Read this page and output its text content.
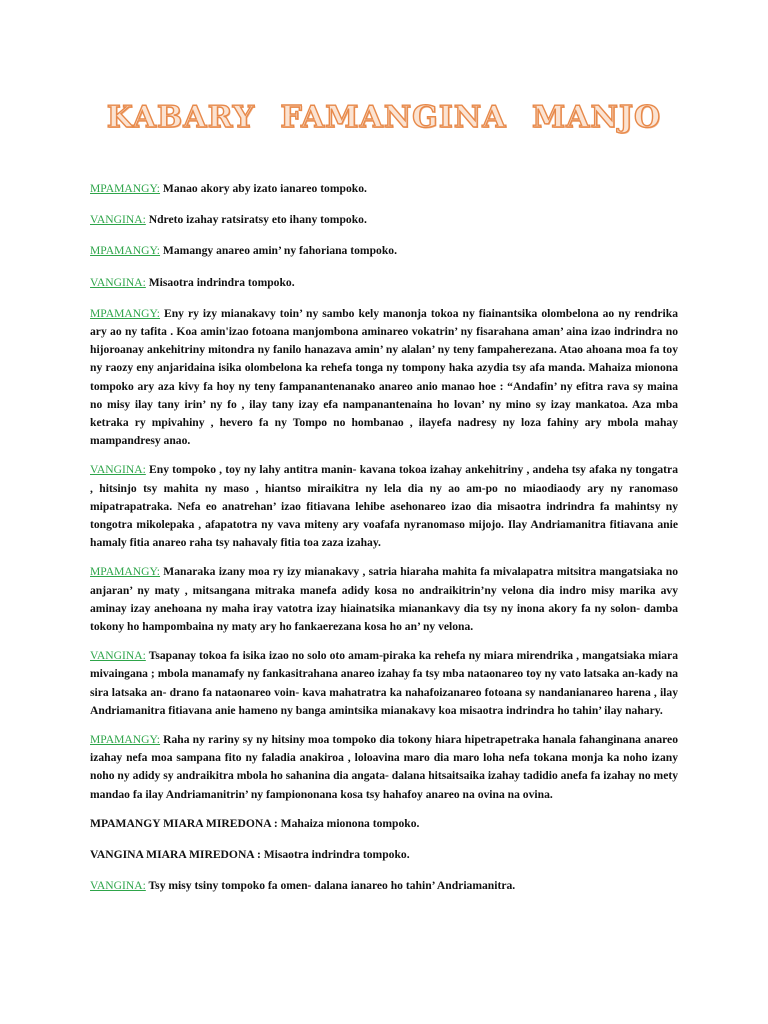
KABARY FAMANGINA MANJO

MPAMANGY: Manao akory aby izato ianareo tompoko.

VANGINA: Ndreto izahay ratsiratsy eto ihany tompoko.

MPAMANGY: Mamangy anareo amin’ ny fahoriana tompoko.

VANGINA: Misaotra indrindra tompoko.

MPAMANGY: Eny ry izy mianakavy toin’ ny sambo kely manonja tokoa ny fiainantsika olombelona ao ny rendrika ary ao ny tafita . Koa amin'izao fotoana manjombona aminareo vokatrin’ ny fisarahana aman’ aina izao indrindra no hijoroanay ankehitriny mitondra ny fanilo hanazava amin’ ny alalan’ ny teny fampaherezana. Atao ahoana moa fa toy ny raozy eny anjaridaina isika olombelona ka rehefa tonga ny tompony haka azydia tsy afa manda. Mahaiza mionona tompoko ary aza kivy fa hoy ny teny fampanantenanako anareo anio manao hoe : “Andafin’ ny efitra rava sy maina no misy ilay tany irin’ ny fo , ilay tany izay efa nampanantenaina ho lovan’ ny mino sy izay mankatoa. Aza mba ketraka ry mpivahiny , hevero fa ny Tompo no hombanao , ilayefa nadresy ny loza fahiny ary mbola mahay mampandresy anao.

VANGINA: Eny tompoko , toy ny lahy antitra manin- kavana tokoa izahay ankehitriny , andeha tsy afaka ny tongatra , hitsinjo tsy mahita ny maso , hiantso miraikitra ny lela dia ny ao am-po no miaodiaody ary ny ranomaso mipatrapatraka. Nefa eo anatrehan’ izao fitiavana lehibe asehonareo izao dia misaotra indrindra fa mahintsy ny tongotra mikolepaka , afapatotra ny vava miteny ary voafafa nyranomaso mijojo. Ilay Andriamanitra fitiavana anie hamaly fitia anareo raha tsy nahavaly fitia toa zaza izahay.

MPAMANGY: Manaraka izany moa ry izy mianakavy , satria hiaraha mahita fa mivalapatra mitsitra mangatsiaka no anjaran’ ny maty , mitsangana mitraka manefa adidy kosa no andraikitrin’ny velona dia indro misy marika avy aminay izay anehoana ny maha iray vatotra izay hiainatsika mianankavy dia tsy ny inona akory fa ny solon- damba tokony ho hampombaina ny maty ary ho fankaerezana kosa ho an’ ny velona.

VANGINA: Tsapanay tokoa fa isika izao no solo oto amam-piraka ka rehefa ny miara mirendrika , mangatsiaka miara mivaingana ; mbola manamafy ny fankasitrahana anareo izahay fa tsy mba nataonareo toy ny vato latsaka an-kady na sira latsaka an- drano fa nataonareo voin- kava mahatratra ka nahafoizanareo fotoana sy nandanianareo harena , ilay Andriamanitra fitiavana anie hameno ny banga amintsika mianakavy koa misaotra indrindra ho tahin’ ilay nahary.

MPAMANGY: Raha ny rariny sy ny hitsiny moa tompoko dia tokony hiara hipetrapetraka hanala fahanginana anareo izahay nefa moa sampana fito ny faladia anakiroa , loloavina maro dia maro loha nefa tokana monja ka noho izany noho ny adidy sy andraikitra mbola ho sahanina dia angata- dalana hitsaitsaika izahay tadidio anefa fa izahay no mety mandao fa ilay Andriamanitrin’ ny fampiononana kosa tsy hahafoy anareo na ovina na ovina.

MPAMANGY MIARA MIREDONA : Mahaiza mionona tompoko.

VANGINA MIARA MIREDONA : Misaotra indrindra tompoko.

VANGINA: Tsy misy tsiny tompoko fa omen- dalana ianareo ho tahin’ Andriamanitra.
